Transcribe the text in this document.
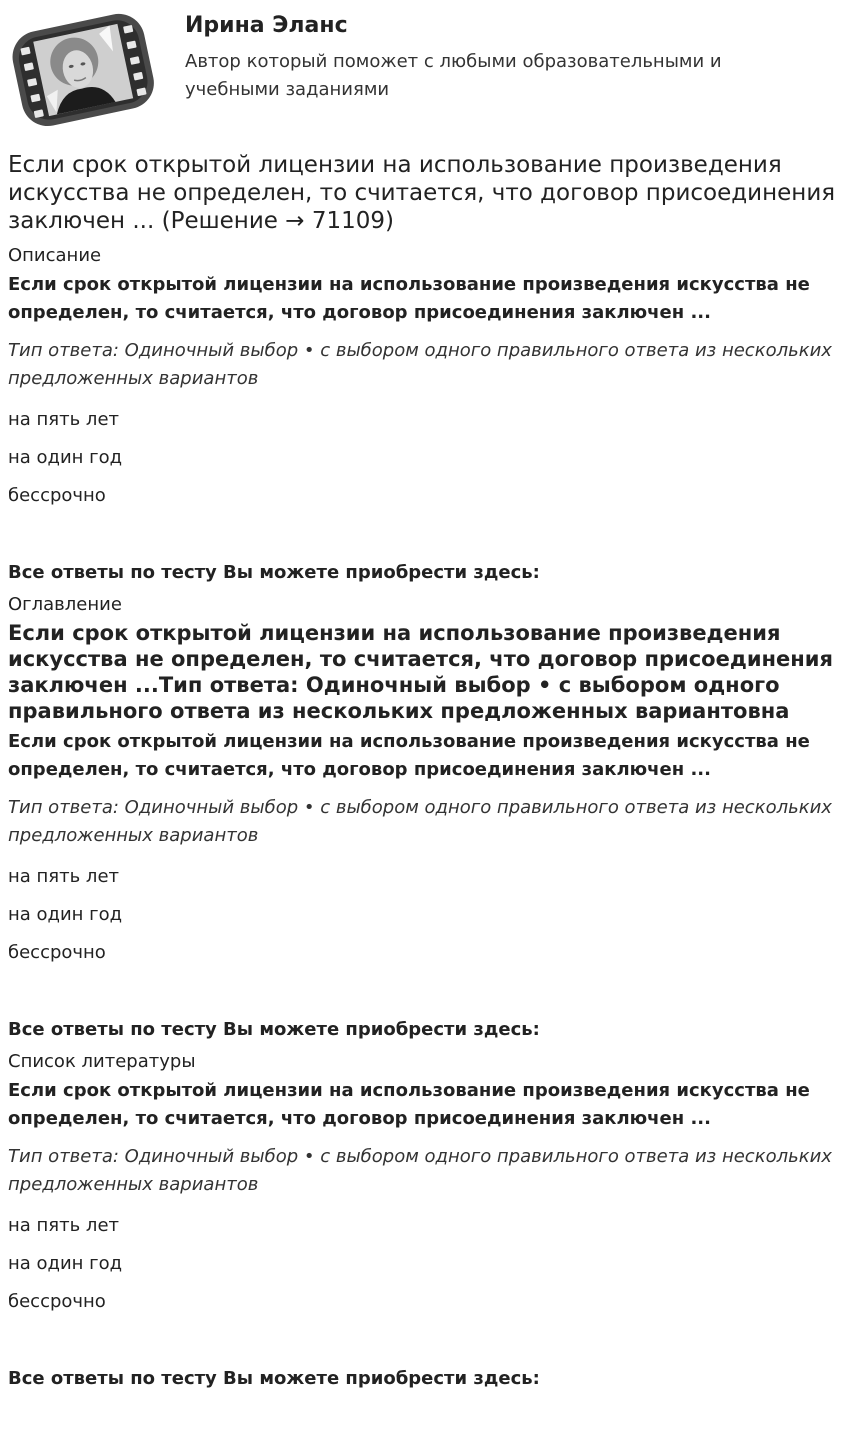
Ирина Эланс
Автор который поможет с любыми образовательными и учебными заданиями
Если срок открытой лицензии на использование произведения искусства не определен, то считается, что договор присоединения заключен ... (Решение → 71109)
Описание
Если срок открытой лицензии на использование произведения искусства не определен, то считается, что договор присоединения заключен ...
Тип ответа: Одиночный выбор • с выбором одного правильного ответа из нескольких предложенных вариантов
на пять лет
на один год
бессрочно
Все ответы по тесту Вы можете приобрести здесь:
Оглавление
Если срок открытой лицензии на использование произведения искусства не определен, то считается, что договор присоединения заключен ...Тип ответа: Одиночный выбор • с выбором одного правильного ответа из нескольких предложенных вариантовна
Если срок открытой лицензии на использование произведения искусства не определен, то считается, что договор присоединения заключен ...
Тип ответа: Одиночный выбор • с выбором одного правильного ответа из нескольких предложенных вариантов
на пять лет
на один год
бессрочно
Все ответы по тесту Вы можете приобрести здесь:
Список литературы
Если срок открытой лицензии на использование произведения искусства не определен, то считается, что договор присоединения заключен ...
Тип ответа: Одиночный выбор • с выбором одного правильного ответа из нескольких предложенных вариантов
на пять лет
на один год
бессрочно
Все ответы по тесту Вы можете приобрести здесь:
